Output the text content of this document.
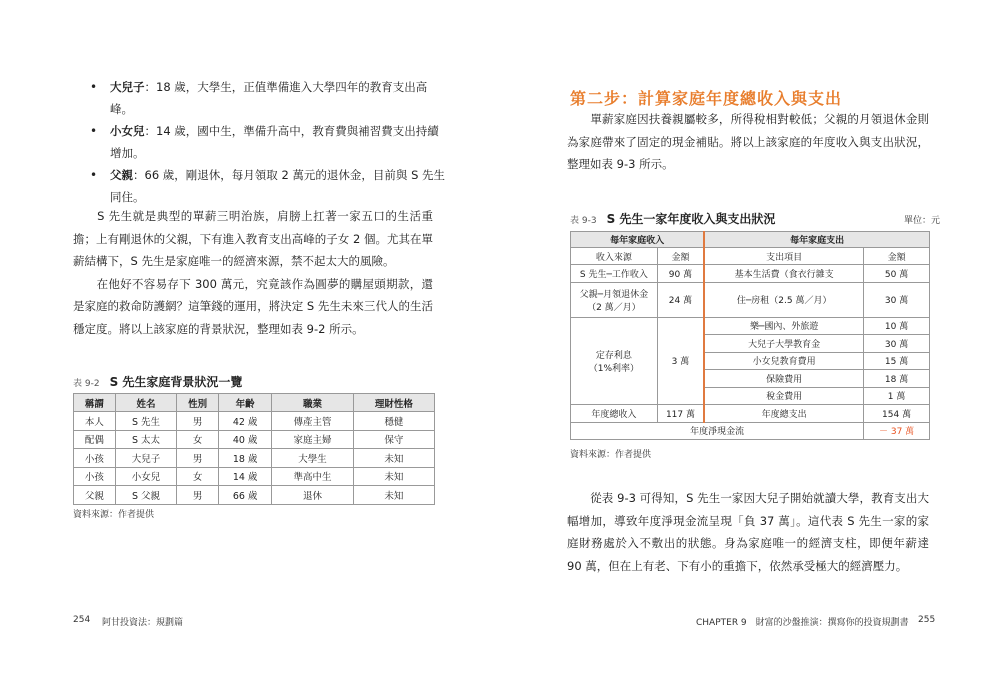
• 大兒子：18 歲，大學生，正值準備進入大學四年的教育支出高峰。
• 小女兒：14 歲，國中生，準備升高中，教育費與補習費支出持續
增加。
• 父親：66 歲，剛退休，每月領取 2 萬元的退休金，目前與 S 先生
同住。

　　S 先生就是典型的單薪三明治族，肩膀上扛著一家五口的生活重擔；上有剛退休的父親，下有進入教育支出高峰的子女 2 個。尤其在單薪結構下，S 先生是家庭唯一的經濟來源，禁不起太大的風險。

　　在他好不容易存下 300 萬元，究竟該作為圓夢的購屋頭期款，還是家庭的救命防護網？這筆錢的運用，將決定 S 先生未來三代人的生活穩定度。將以上該家庭的背景狀況，整理如表 9-2 所示。

表 9-2 S 先生家庭背景狀況一覽
稱謂	姓名	性別	年齡	職業	理財性格
本人	S 先生	男	42 歲	傳產主管	穩健
配偶	S 太太	女	40 歲	家庭主婦	保守
小孩	大兒子	男	18 歲	大學生	未知
小孩	小女兒	女	14 歲	準高中生	未知
父親	S 父親	男	66 歲	退休	未知
資料來源：作者提供
254 阿甘投資法：規劃篇
第二步：計算家庭年度總收入與支出
　　單薪家庭因扶養親屬較多，所得稅相對較低；父親的月領退休金則為家庭帶來了固定的現金補貼。將以上該家庭的年度收入與支出狀況，整理如表 9-3 所示。
表 9-3 S 先生一家年度收入與支出狀況	單位：元
每年家庭收入		每年家庭支出	
收入來源	金額	支出項目	金額
S 先生─工作收入	90 萬	基本生活費（食衣行雜支	50 萬
父親─月領退休金
（2 萬／月）	24 萬	住─房租（2.5 萬／月）	30 萬
定存利息
（1%利率）	3 萬	樂─國內、外旅遊	10 萬
		大兒子大學教育金	30 萬
		小女兒教育費用	15 萬
		保險費用	18 萬
		稅金費用	1 萬
年度總收入	117 萬	年度總支出	154 萬
年度淨現金流			－ 37 萬
資料來源：作者提供
　　從表 9-3 可得知，S 先生一家因大兒子開始就讀大學，教育支出大幅增加，導致年度淨現金流呈現「負 37 萬」。這代表 S 先生一家的家庭財務處於入不敷出的狀態。身為家庭唯一的經濟支柱，即便年薪達 90 萬，但在上有老、下有小的重擔下，依然承受極大的經濟壓力。
CHAPTER 9　財富的沙盤推演：撰寫你的投資規劃書 255
